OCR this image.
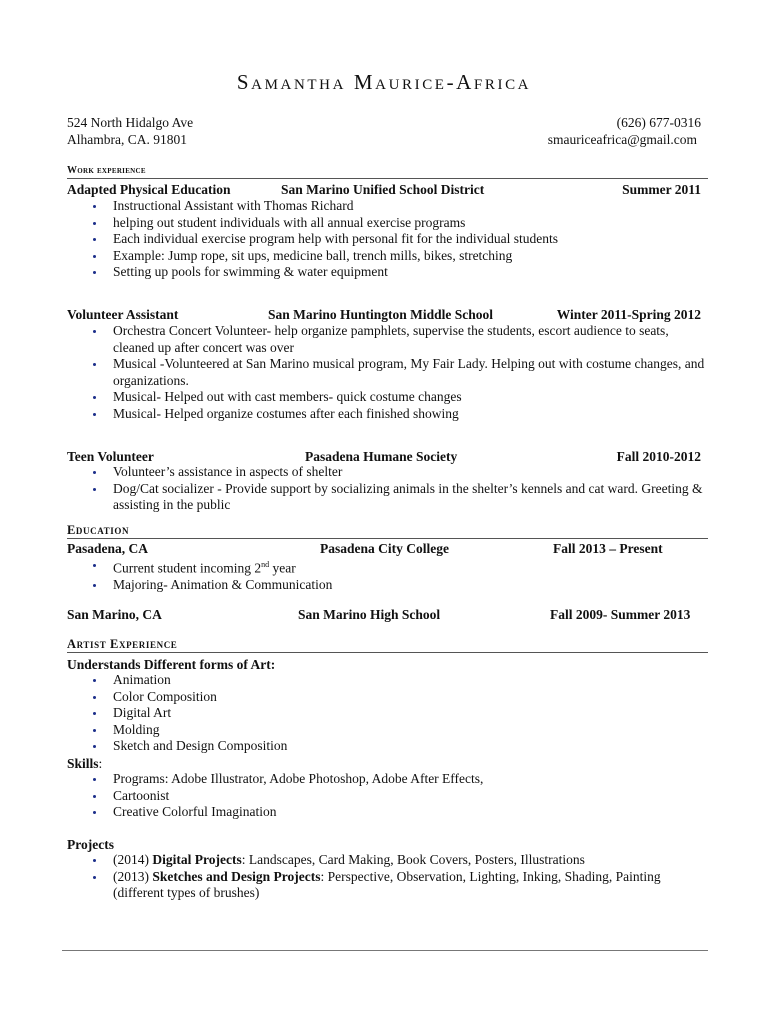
Samantha Maurice-Africa
524 North Hidalgo Ave
Alhambra, CA. 91801
(626) 677-0316
smauriceafrica@gmail.com
Work experience
Adapted Physical Education	San Marino Unified School District	Summer 2011
Instructional Assistant with Thomas Richard
helping out student individuals with all annual exercise programs
Each individual exercise program help with personal fit for the individual students
Example: Jump rope, sit ups, medicine ball, trench mills, bikes, stretching
Setting up pools for swimming & water equipment
Volunteer Assistant	San Marino Huntington Middle School	Winter 2011-Spring 2012
Orchestra Concert Volunteer- help organize pamphlets, supervise the students, escort audience to seats, cleaned up after concert was over
Musical -Volunteered at San Marino musical program, My Fair Lady. Helping out with costume changes, and organizations.
Musical- Helped out with cast members- quick costume changes
Musical- Helped organize costumes after each finished showing
Teen Volunteer	Pasadena Humane Society	Fall 2010-2012
Volunteer’s assistance in aspects of shelter
Dog/Cat socializer - Provide support by socializing animals in the shelter’s kennels and cat ward. Greeting & assisting in the public
Education
Pasadena, CA	Pasadena City College	Fall 2013 – Present
Current student incoming 2nd year
Majoring- Animation & Communication
San Marino, CA	San Marino High School	Fall 2009- Summer 2013
Artist Experience
Understands Different forms of Art:
Animation
Color Composition
Digital Art
Molding
Sketch and Design Composition
Skills:
Programs: Adobe Illustrator, Adobe Photoshop, Adobe After Effects,
Cartoonist
Creative Colorful Imagination
Projects
(2014) Digital Projects: Landscapes, Card Making, Book Covers, Posters, Illustrations
(2013) Sketches and Design Projects: Perspective, Observation, Lighting, Inking, Shading, Painting (different types of brushes)
